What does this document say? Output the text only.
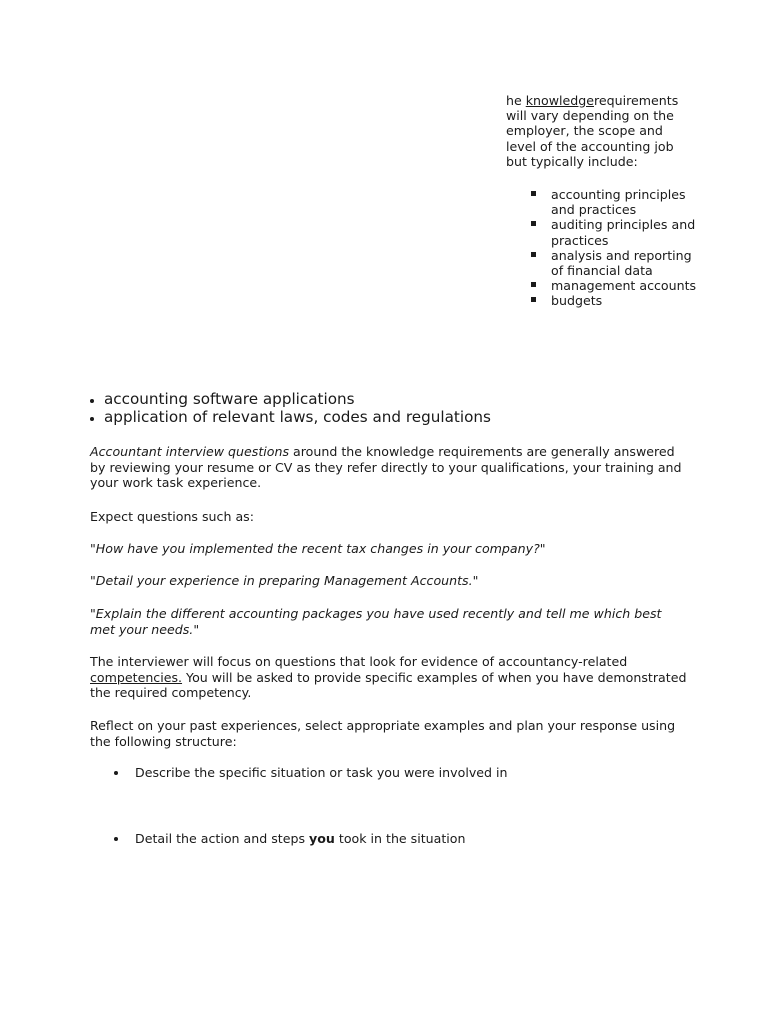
he knowledgerequirements will vary depending on the employer, the scope and level of the accounting job but typically include:
accounting principles and practices
auditing principles and practices
analysis and reporting of financial data
management accounts
budgets
accounting software applications
application of relevant laws, codes and regulations

Accountant interview questions around the knowledge requirements are generally answered by reviewing your resume or CV as they refer directly to your qualifications, your training and your work task experience.

Expect questions such as:

"How have you implemented the recent tax changes in your company?"

"Detail your experience in preparing Management Accounts."

"Explain the different accounting packages you have used recently and tell me which best met your needs."

The interviewer will focus on questions that look for evidence of accountancy-related competencies. You will be asked to provide specific examples of when you have demonstrated the required competency.

Reflect on your past experiences, select appropriate examples and plan your response using the following structure:

Describe the specific situation or task you were involved in
Detail the action and steps you took in the situation
